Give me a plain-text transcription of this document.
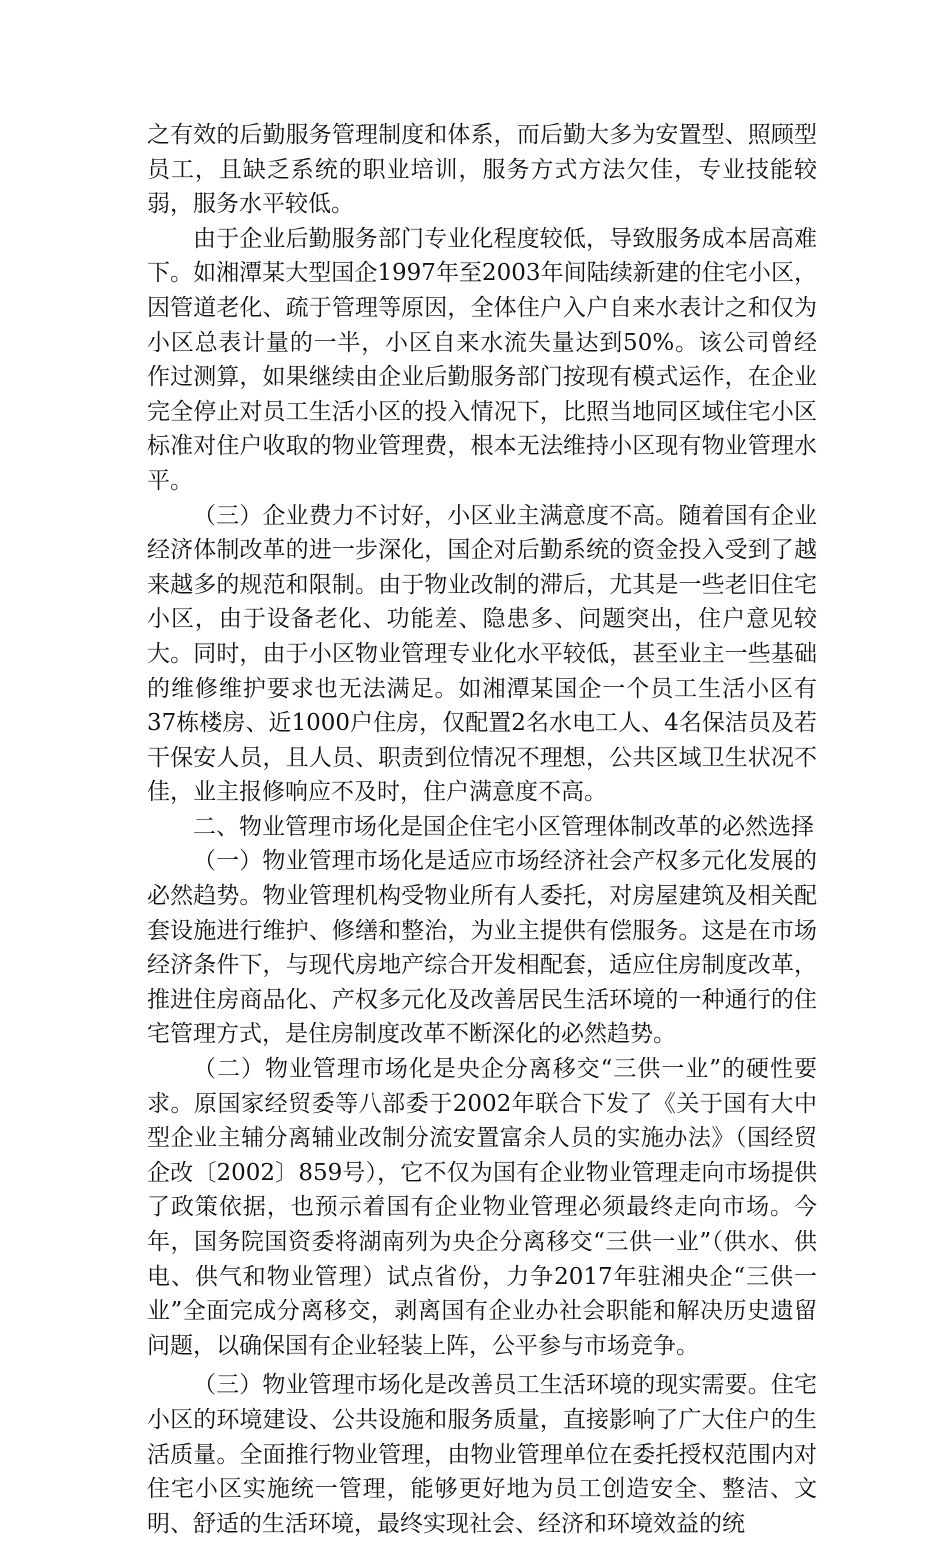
之有效的后勤服务管理制度和体系，而后勤大多为安置型、照顾型员工，且缺乏系统的职业培训，服务方式方法欠佳，专业技能较弱，服务水平较低。

由于企业后勤服务部门专业化程度较低，导致服务成本居高难下。如湘潭某大型国企1997年至2003年间陆续新建的住宅小区，因管道老化、疏于管理等原因，全体住户入户自来水表计之和仅为小区总表计量的一半，小区自来水流失量达到50%。该公司曾经作过测算，如果继续由企业后勤服务部门按现有模式运作，在企业完全停止对员工生活小区的投入情况下，比照当地同区域住宅小区标准对住户收取的物业管理费，根本无法维持小区现有物业管理水平。

（三）企业费力不讨好，小区业主满意度不高。随着国有企业经济体制改革的进一步深化，国企对后勤系统的资金投入受到了越来越多的规范和限制。由于物业改制的滞后，尤其是一些老旧住宅小区，由于设备老化、功能差、隐患多、问题突出，住户意见较大。同时，由于小区物业管理专业化水平较低，甚至业主一些基础的维修维护要求也无法满足。如湘潭某国企一个员工生活小区有37栋楼房、近1000户住房，仅配置2名水电工人、4名保洁员及若干保安人员，且人员、职责到位情况不理想，公共区域卫生状况不佳，业主报修响应不及时，住户满意度不高。

二、物业管理市场化是国企住宅小区管理体制改革的必然选择

（一）物业管理市场化是适应市场经济社会产权多元化发展的必然趋势。物业管理机构受物业所有人委托，对房屋建筑及相关配套设施进行维护、修缮和整治，为业主提供有偿服务。这是在市场经济条件下，与现代房地产综合开发相配套，适应住房制度改革，推进住房商品化、产权多元化及改善居民生活环境的一种通行的住宅管理方式，是住房制度改革不断深化的必然趋势。

（二）物业管理市场化是央企分离移交“三供一业”的硬性要求。原国家经贸委等八部委于2002年联合下发了《关于国有大中型企业主辅分离辅业改制分流安置富余人员的实施办法》（国经贸企改〔2002〕859号），它不仅为国有企业物业管理走向市场提供了政策依据，也预示着国有企业物业管理必须最终走向市场。今年，国务院国资委将湖南列为央企分离移交“三供一业”（供水、供电、供气和物业管理）试点省份，力争2017年驻湘央企“三供一业”全面完成分离移交，剥离国有企业办社会职能和解决历史遗留问题，以确保国有企业轻装上阵，公平参与市场竞争。

（三）物业管理市场化是改善员工生活环境的现实需要。住宅小区的环境建设、公共设施和服务质量，直接影响了广大住户的生活质量。全面推行物业管理，由物业管理单位在委托授权范围内对住宅小区实施统一管理，能够更好地为员工创造安全、整洁、文明、舒适的生活环境，最终实现社会、经济和环境效益的统
